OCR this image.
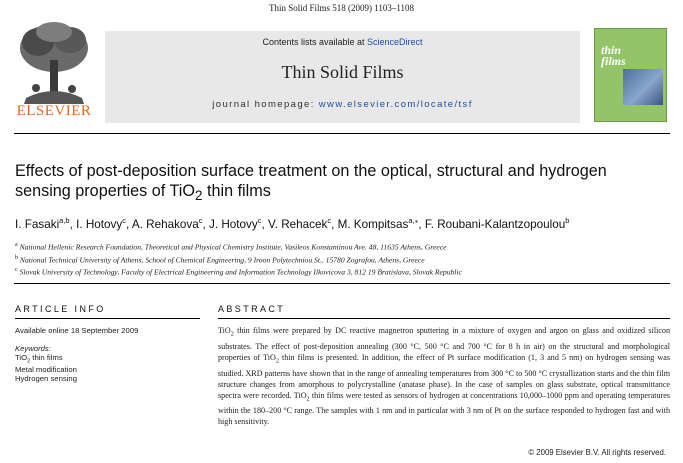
Thin Solid Films 518 (2009) 1103–1108
ELSEVIER
Contents lists available at ScienceDirect
Thin Solid Films
journal homepage: www.elsevier.com/locate/tsf
thin
films
Effects of post-deposition surface treatment on the optical, structural and hydrogen
sensing properties of TiO$_2$ thin films
I. Fasaki$^{a,b}$, I. Hotovy$^c$, A. Rehakova$^c$, J. Hotovy$^c$, V. Rehacek$^c$, M. Kompitsas$^{a,⁎}$, F. Roubani-Kalantzopoulou$^b$
$^a$ National Hellenic Research Foundation, Theoretical and Physical Chemistry Institute, Vasileos Konstantinou Ave. 48, 11635 Athens, Greece
$^b$ National Technical University of Athens, School of Chemical Engineering, 9 Iroon Polytechniou St., 15780 Zografou, Athens, Greece
$^c$ Slovak University of Technology, Faculty of Electrical Engineering and Information Technology Ilkovicova 3, 812 19 Bratislava, Slovak Republic
ARTICLE INFO	ABSTRACT
Available online 18 September 2009
Keywords:
TiO$_2$ thin films
Metal modification
Hydrogen sensing
TiO$_2$ thin films were prepared by DC reactive magnetron sputtering in a mixture of oxygen and argon on glass and oxidized silicon substrates. The effect of post-deposition annealing (300 °C, 500 °C and 700 °C for 8 h in air) on the structural and morphological properties of TiO$_2$ thin films is presented. In addition, the effect of Pt surface modification (1, 3 and 5 nm) on hydrogen sensing was studied. XRD patterns have shown that in the range of annealing temperatures from 300 °C to 500 °C crystallization starts and the thin film structure changes from amorphous to polycrystalline (anatase phase). In the case of samples on glass substrate, optical transmittance spectra were recorded. TiO$_2$ thin films were tested as sensors of hydrogen at concentrations 10,000–1000 ppm and operating temperatures within the 180–200 °C range. The samples with 1 nm and in particular with 3 nm of Pt on the surface responded to hydrogen fast and with high sensitivity.
© 2009 Elsevier B.V. All rights reserved.
